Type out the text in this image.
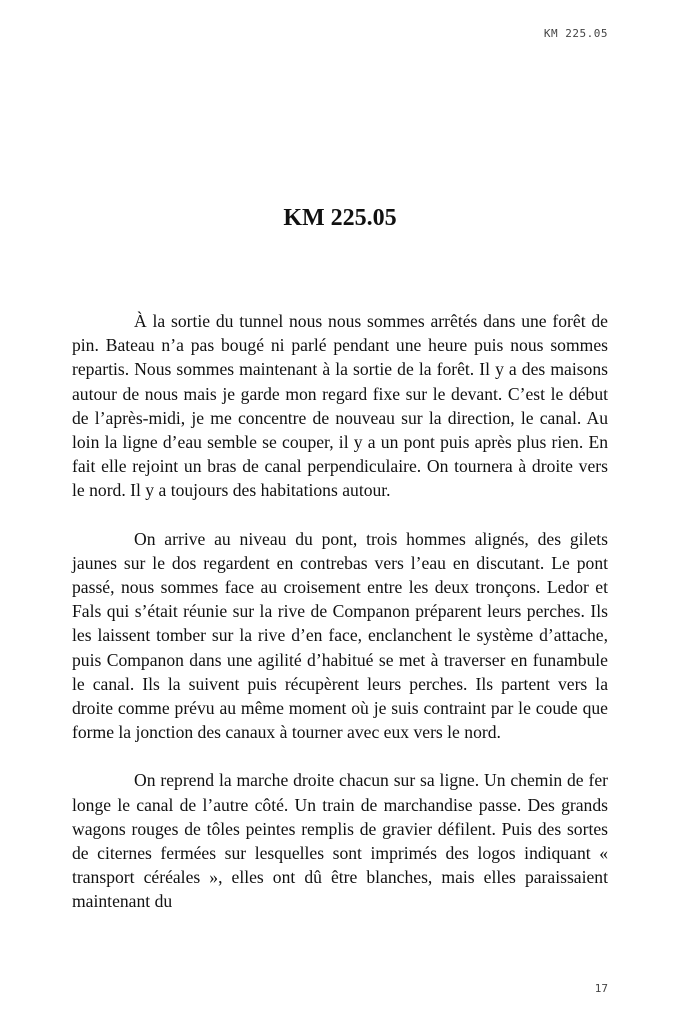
KM 225.05

KM 225.05

À la sortie du tunnel nous nous sommes arrêtés dans une forêt de pin. Bateau n’a pas bougé ni parlé pendant une heure puis nous sommes repartis. Nous sommes maintenant à la sortie de la forêt. Il y a des maisons autour de nous mais je garde mon regard fixe sur le devant. C’est le début de l’après-midi, je me concentre de nouveau sur la direction, le canal. Au loin la ligne d’eau semble se couper, il y a un pont puis après plus rien. En fait elle rejoint un bras de canal perpendiculaire. On tournera à droite vers le nord. Il y a toujours des habitations autour.

On arrive au niveau du pont, trois hommes alignés, des gilets jaunes sur le dos regardent en contrebas vers l’eau en discutant. Le pont passé, nous sommes face au croisement entre les deux tronçons. Ledor et Fals qui s’était réunie sur la rive de Companon préparent leurs perches. Ils les laissent tomber sur la rive d’en face, enclanchent le système d’attache, puis Companon dans une agilité d’habitué se met à traverser en funambule le canal. Ils la suivent puis récupèrent leurs perches. Ils partent vers la droite comme prévu au même moment où je suis contraint par le coude que forme la jonction des canaux à tourner avec eux vers le nord.

On reprend la marche droite chacun sur sa ligne. Un chemin de fer longe le canal de l’autre côté. Un train de marchandise passe. Des grands wagons rouges de tôles peintes remplis de gravier défilent. Puis des sortes de citernes fermées sur lesquelles sont imprimés des logos indiquant « transport céréales », elles ont dû être blanches, mais elles paraissaient maintenant du

17
